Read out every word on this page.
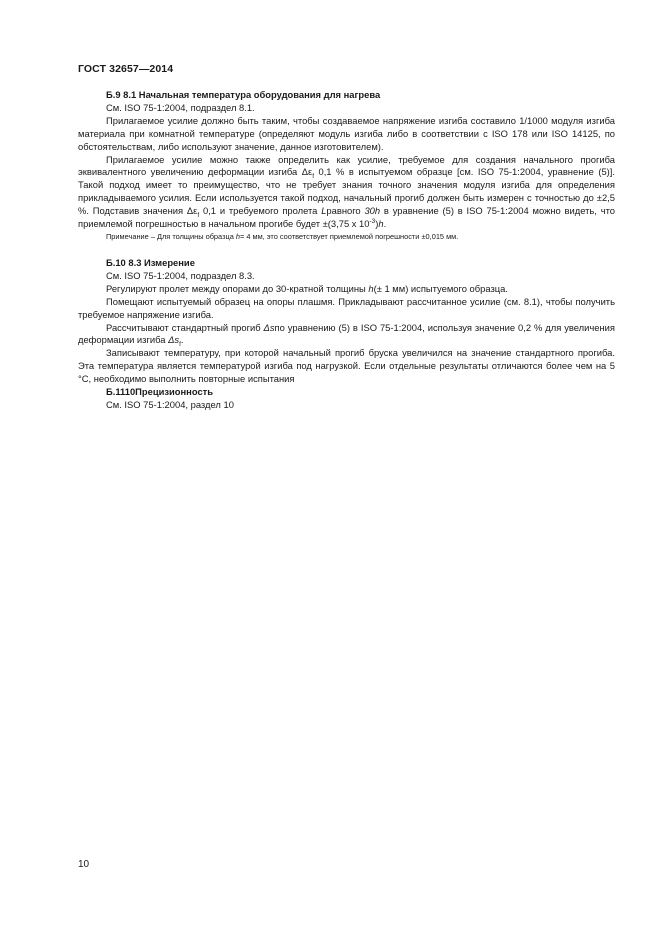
ГОСТ 32657—2014
Б.9 8.1 Начальная температура оборудования для нагрева
См. ISO 75-1:2004, подраздел 8.1.
Прилагаемое усилие должно быть таким, чтобы создаваемое напряжение изгиба составило 1/1000 модуля изгиба материала при комнатной температуре (определяют модуль изгиба либо в соответствии с ISO 178 или ISO 14125, по обстоятельствам, либо используют значение, данное изготовителем).
Прилагаемое усилие можно также определить как усилие, требуемое для создания начального прогиба эквивалентного увеличению деформации изгиба $\Delta\varepsilon_f$ 0,1 % в испытуемом образце [см. ISO 75-1:2004, уравнение (5)]. Такой подход имеет то преимущество, что не требует знания точного значения модуля изгиба для определения прикладываемого усилия. Если используется такой подход, начальный прогиб должен быть измерен с точностью до ±2,5 %. Подставив значения $\Delta\varepsilon_f$ 0,1 и требуемого пролета Lравного 30h в уравнение (5) в ISO 75-1:2004 можно видеть, что приемлемой погрешностью в начальном прогибе будет ±(3,75 x $10^{-3})h$.
Примечание – Для толщины образца h= 4 мм, это соответствует приемлемой погрешности ±0,015 мм.
Б.10 8.3 Измерение
См. ISO 75-1:2004, подраздел 8.3.
Регулируют пролет между опорами до 30-кратной толщины h(± 1 мм) испытуемого образца.
Помещают испытуемый образец на опоры плашмя. Прикладывают рассчитанное усилие (см. 8.1), чтобы получить требуемое напряжение изгиба.
Рассчитывают стандартный прогиб Δsпо уравнению (5) в ISO 75-1:2004, используя значение 0,2 % для увеличения деформации изгиба $\Delta s_f$.
Записывают температуру, при которой начальный прогиб бруска увеличился на значение стандартного прогиба. Эта температура является температурой изгиба под нагрузкой. Если отдельные результаты отличаются более чем на 5 °С, необходимо выполнить повторные испытания
Б.1110Прецизионность
См. ISO 75-1:2004, раздел 10
10
